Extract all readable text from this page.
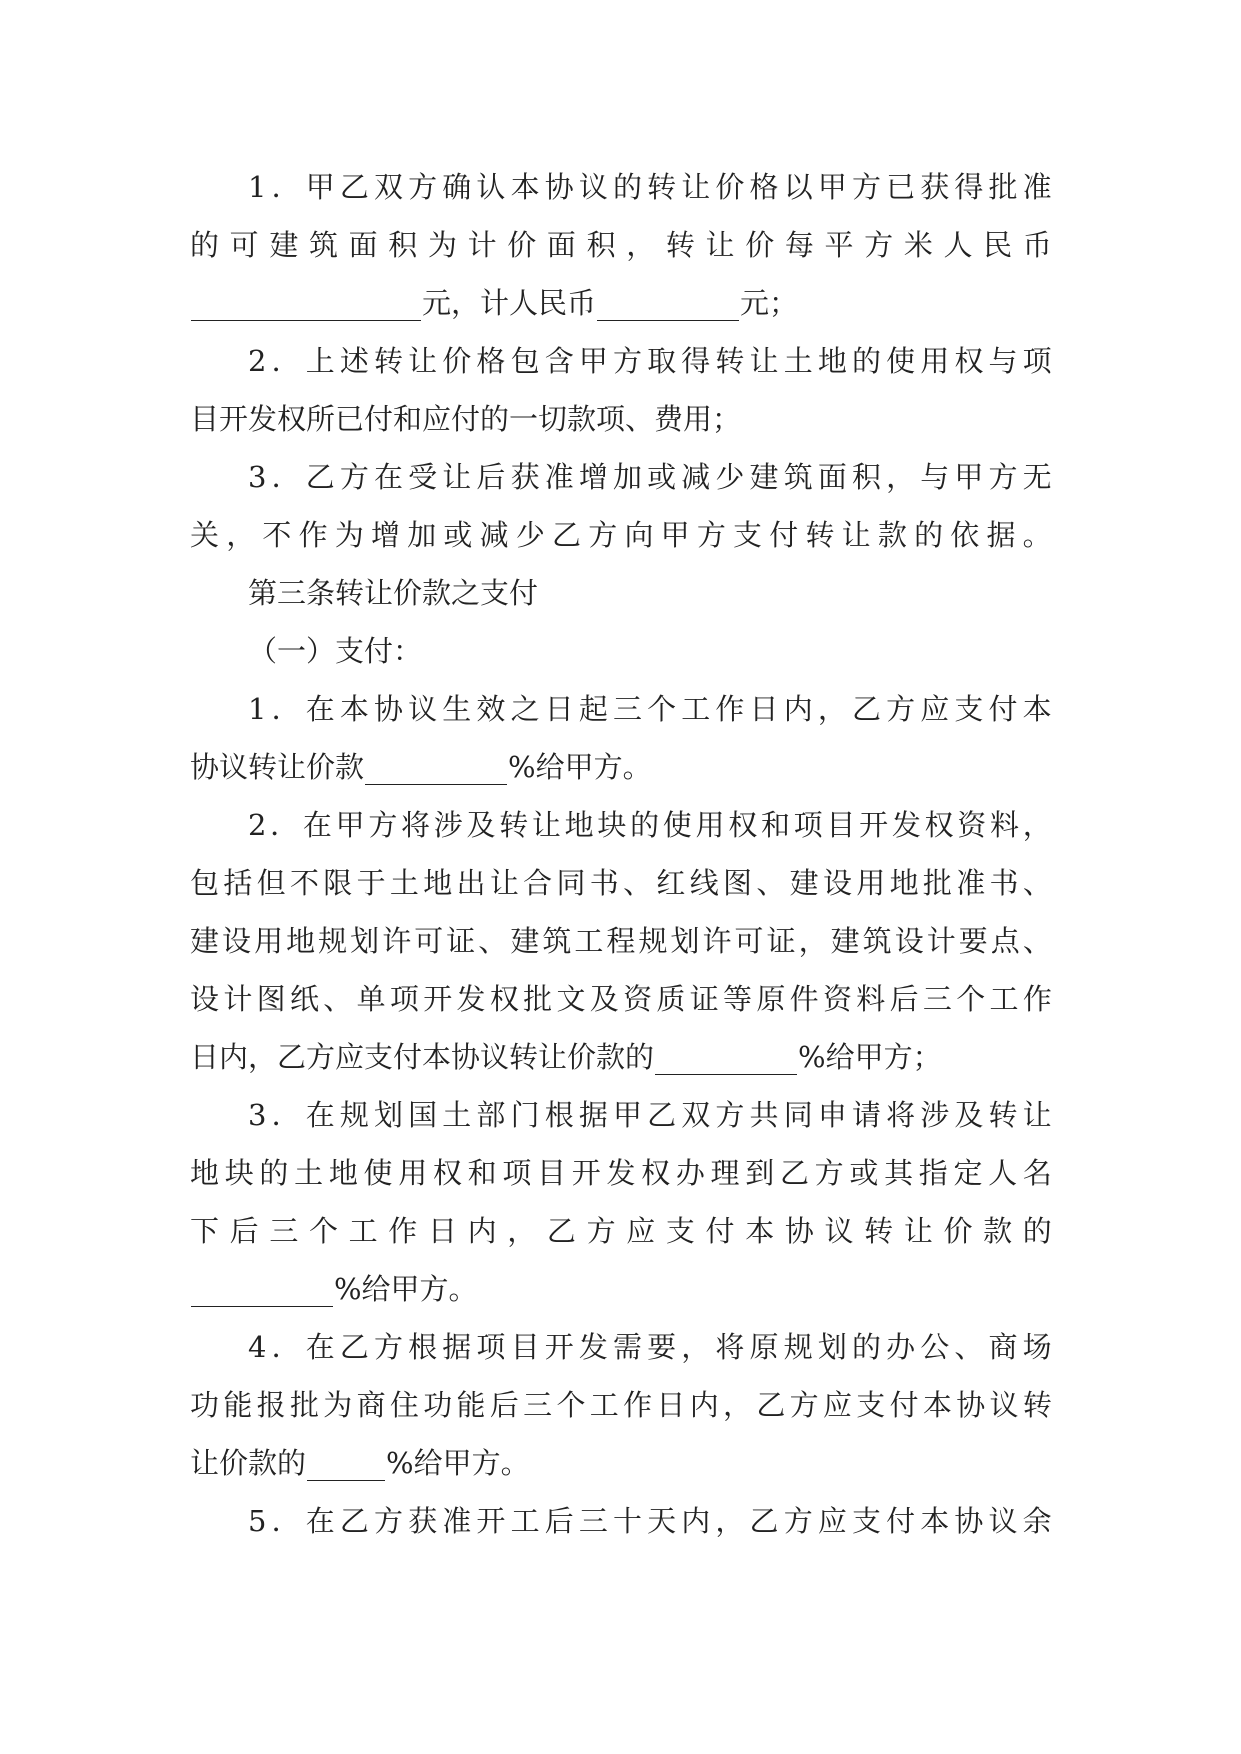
1 ． 甲 乙 双 方 确 认 本 协 议 的 转 让 价 格 以 甲 方 已 获 得 批 准
的 可 建 筑 面 积 为 计 价 面 积 ， 转 让 价 每 平 方 米 人 民 币
元，计人民币	元；
2 ． 上 述 转 让 价 格 包 含 甲 方 取 得 转 让 土 地 的 使 用 权 与 项
目开发权所已付和应付的一切款项、费用；
3 ． 乙 方 在 受 让 后 获 准 增 加 或 减 少 建 筑 面 积 ， 与 甲 方 无
关 ， 不 作 为 增 加 或 减 少 乙 方 向 甲 方 支 付 转 让 款 的 依 据 。
第三条转让价款之支付
（一）支付：
1 ． 在 本 协 议 生 效 之 日 起 三 个 工 作 日 内 ， 乙 方 应 支 付 本
协议转让价款	%给甲方。
2 ． 在 甲 方 将 涉 及 转 让 地 块 的 使 用 权 和 项 目 开 发 权 资 料 ，
包 括 但 不 限 于 土 地 出 让 合 同 书 、 红 线 图 、 建 设 用 地 批 准 书 、
建 设 用 地 规 划 许 可 证 、 建 筑 工 程 规 划 许 可 证 ， 建 筑 设 计 要 点 、
设 计 图 纸 、 单 项 开 发 权 批 文 及 资 质 证 等 原 件 资 料 后 三 个 工 作
日内，乙方应支付本协议转让价款的	%给甲方；
3 ． 在 规 划 国 土 部 门 根 据 甲 乙 双 方 共 同 申 请 将 涉 及 转 让
地 块 的 土 地 使 用 权 和 项 目 开 发 权 办 理 到 乙 方 或 其 指 定 人 名
下 后 三 个 工 作 日 内 ， 乙 方 应 支 付 本 协 议 转 让 价 款 的
%给甲方。
4 ． 在 乙 方 根 据 项 目 开 发 需 要 ， 将 原 规 划 的 办 公 、 商 场
功 能 报 批 为 商 住 功 能 后 三 个 工 作 日 内 ， 乙 方 应 支 付 本 协 议 转
让价款的	%给甲方。
5 ． 在 乙 方 获 准 开 工 后 三 十 天 内 ， 乙 方 应 支 付 本 协 议 余
